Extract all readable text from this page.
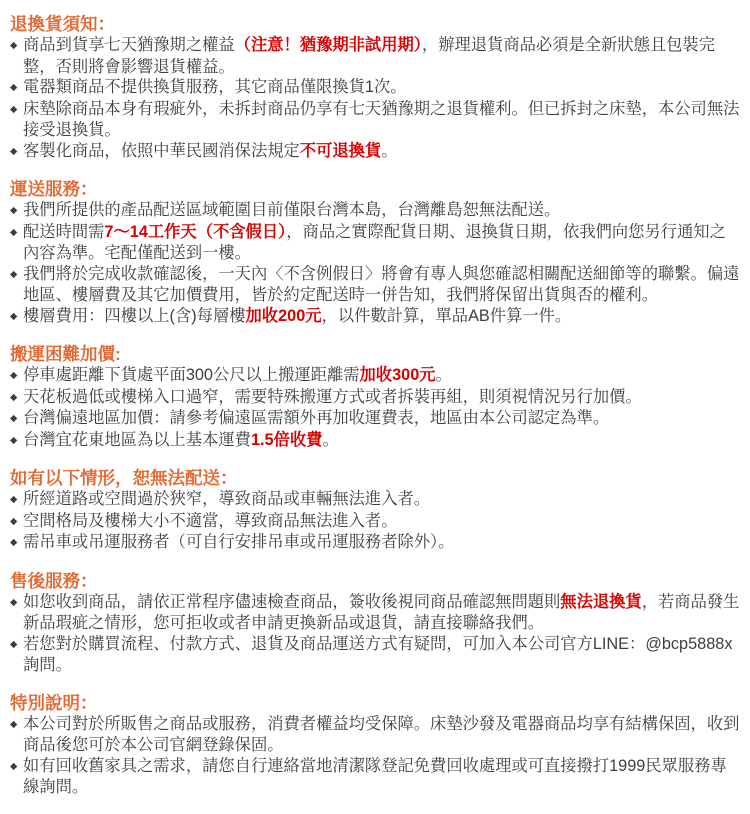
退換貨須知：
◆ 商品到貨享七天猶豫期之權益（注意！猶豫期非試用期），辦理退貨商品必須是全新狀態且包裝完整，否則將會影響退貨權益。
◆ 電器類商品不提供換貨服務，其它商品僅限換貨1次。
◆ 床墊除商品本身有瑕疵外，未拆封商品仍享有七天猶豫期之退貨權利。但已拆封之床墊，本公司無法接受退換貨。
◆ 客製化商品，依照中華民國消保法規定不可退換貨。
運送服務：
◆ 我們所提供的產品配送區域範圍目前僅限台灣本島，台灣離島恕無法配送。
◆ 配送時間需7～14工作天（不含假日），商品之實際配貨日期、退換貨日期，依我們向您另行通知之內容為準。宅配僅配送到一樓。
◆ 我們將於完成收款確認後，一天內〈不含例假日〉將會有專人與您確認相關配送細節等的聯繫。偏遠地區、樓層費及其它加價費用，皆於約定配送時一併告知，我們將保留出貨與否的權利。
◆ 樓層費用：四樓以上(含)每層樓加收200元，以件數計算，單品AB件算一件。
搬運困難加價:
◆ 停車處距離下貨處平面300公尺以上搬運距離需加收300元。
◆ 天花板過低或樓梯入口過窄，需要特殊搬運方式或者拆裝再組，則須視情況另行加價。
◆ 台灣偏遠地區加價：請參考偏遠區需額外再加收運費表，地區由本公司認定為準。
◆ 台灣宜花東地區為以上基本運費1.5倍收費。
如有以下情形，恕無法配送：
◆ 所經道路或空間過於狹窄，導致商品或車輛無法進入者。
◆ 空間格局及樓梯大小不適當，導致商品無法進入者。
◆ 需吊車或吊運服務者（可自行安排吊車或吊運服務者除外）。
售後服務：
◆ 如您收到商品，請依正常程序儘速檢查商品，簽收後視同商品確認無問題則無法退換貨，若商品發生新品瑕疵之情形，您可拒收或者申請更換新品或退貨，請直接聯絡我們。
◆ 若您對於購買流程、付款方式、退貨及商品運送方式有疑問，可加入本公司官方LINE：@bcp5888x詢問。
特別說明：
◆ 本公司對於所販售之商品或服務，消費者權益均受保障。床墊沙發及電器商品均享有結構保固，收到商品後您可於本公司官網登錄保固。
◆ 如有回收舊家具之需求，請您自行連絡當地清潔隊登記免費回收處理或可直接撥打1999民眾服務專線詢問。
